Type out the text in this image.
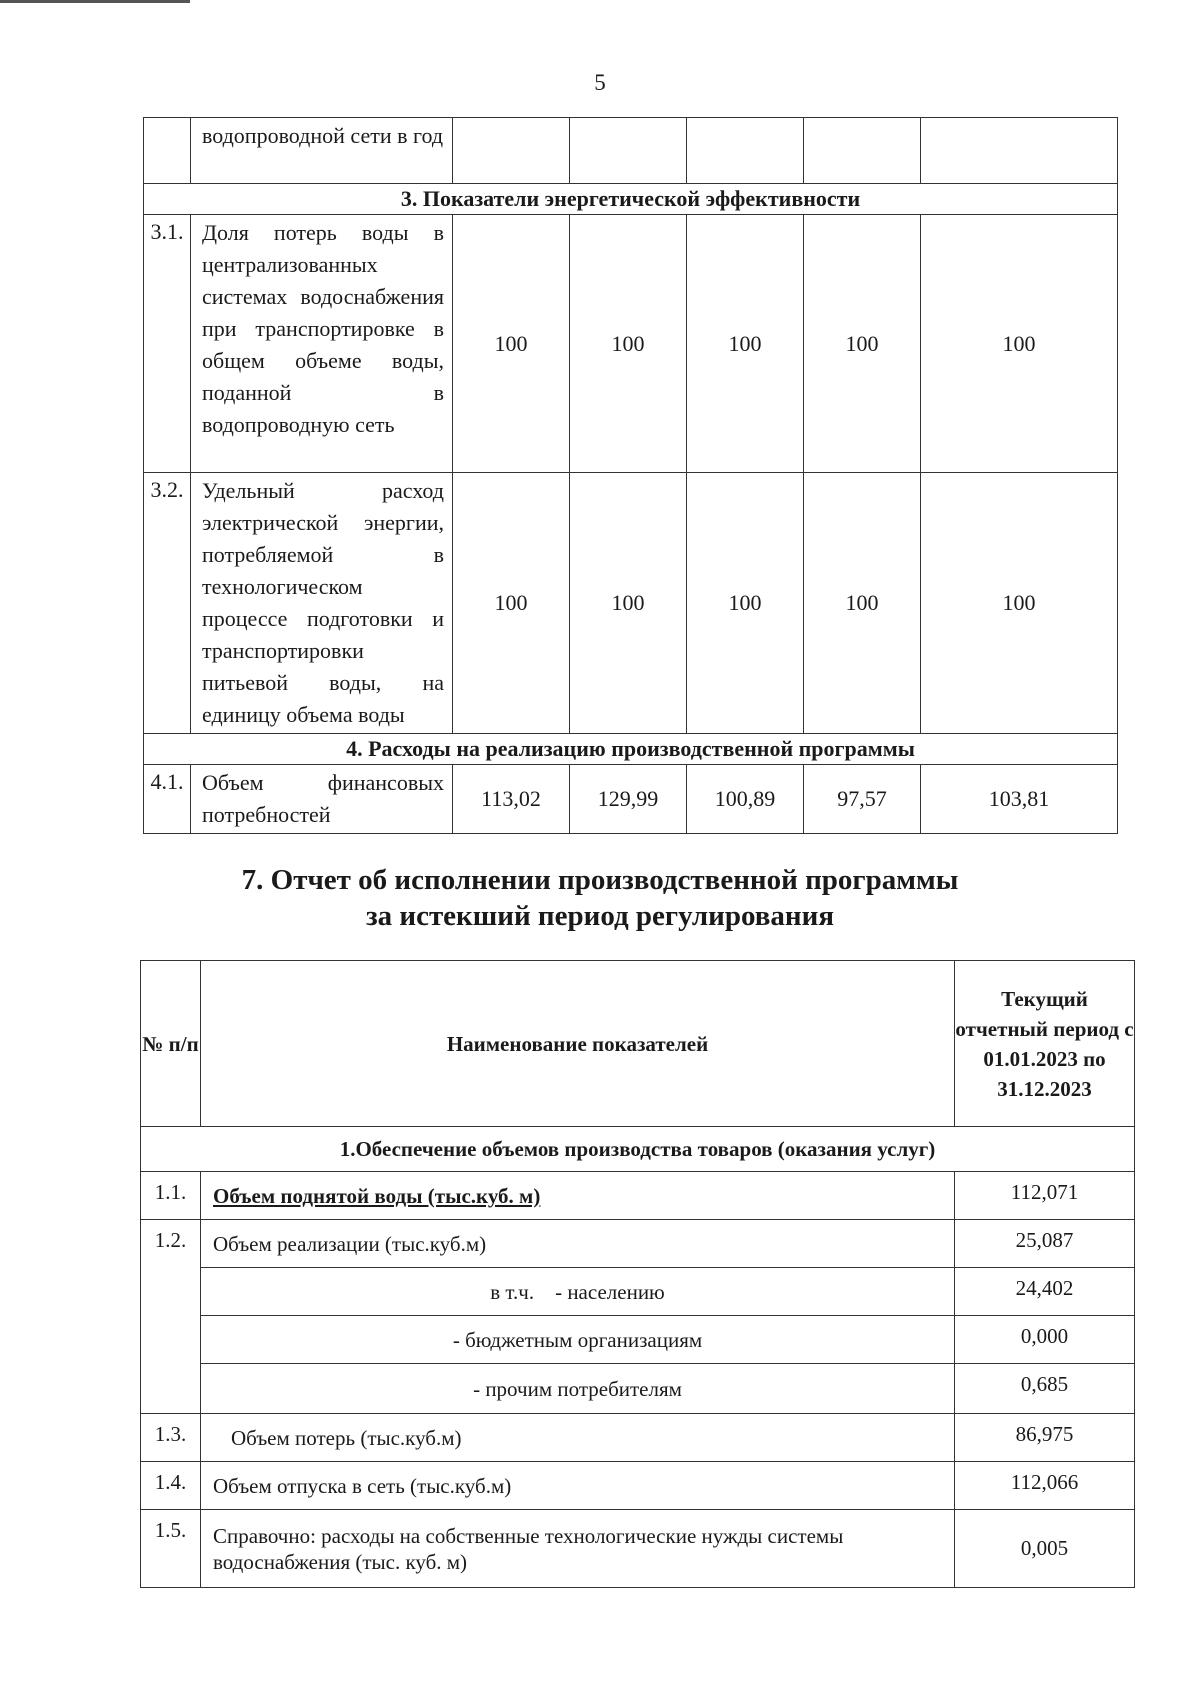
5
	водопроводной сети в год					
3. Показатели энергетической эффективности						
3.1.	Доля потерь воды в централизованных системах водоснабжения при транспортировке в общем объеме воды, поданной в водопроводную сеть	100	100	100	100	100
3.2.	Удельный расход электрической энергии, потребляемой в технологическом процессе подготовки и транспортировки питьевой воды, на единицу объема воды	100	100	100	100	100
4. Расходы на реализацию производственной программы						
4.1.	Объем финансовых потребностей	113,02	129,99	100,89	97,57	103,81
7. Отчет об исполнении производственной программы
за истекший период регулирования
№ п/п	Наименование показателей	Текущий отчетный период с 01.01.2023 по 31.12.2023
1.Обеспечение объемов производства товаров (оказания услуг)		
1.1.	Объем поднятой воды (тыс.куб. м)	112,071
1.2.	Объем реализации (тыс.куб.м)	25,087
	в т.ч.    - населению	24,402
	- бюджетным организациям	0,000
	- прочим потребителям	0,685
1.3.	Объем потерь (тыс.куб.м)	86,975
1.4.	Объем отпуска в сеть (тыс.куб.м)	112,066
1.5.	Справочно: расходы на собственные технологические нужды системы водоснабжения (тыс. куб. м)	0,005
